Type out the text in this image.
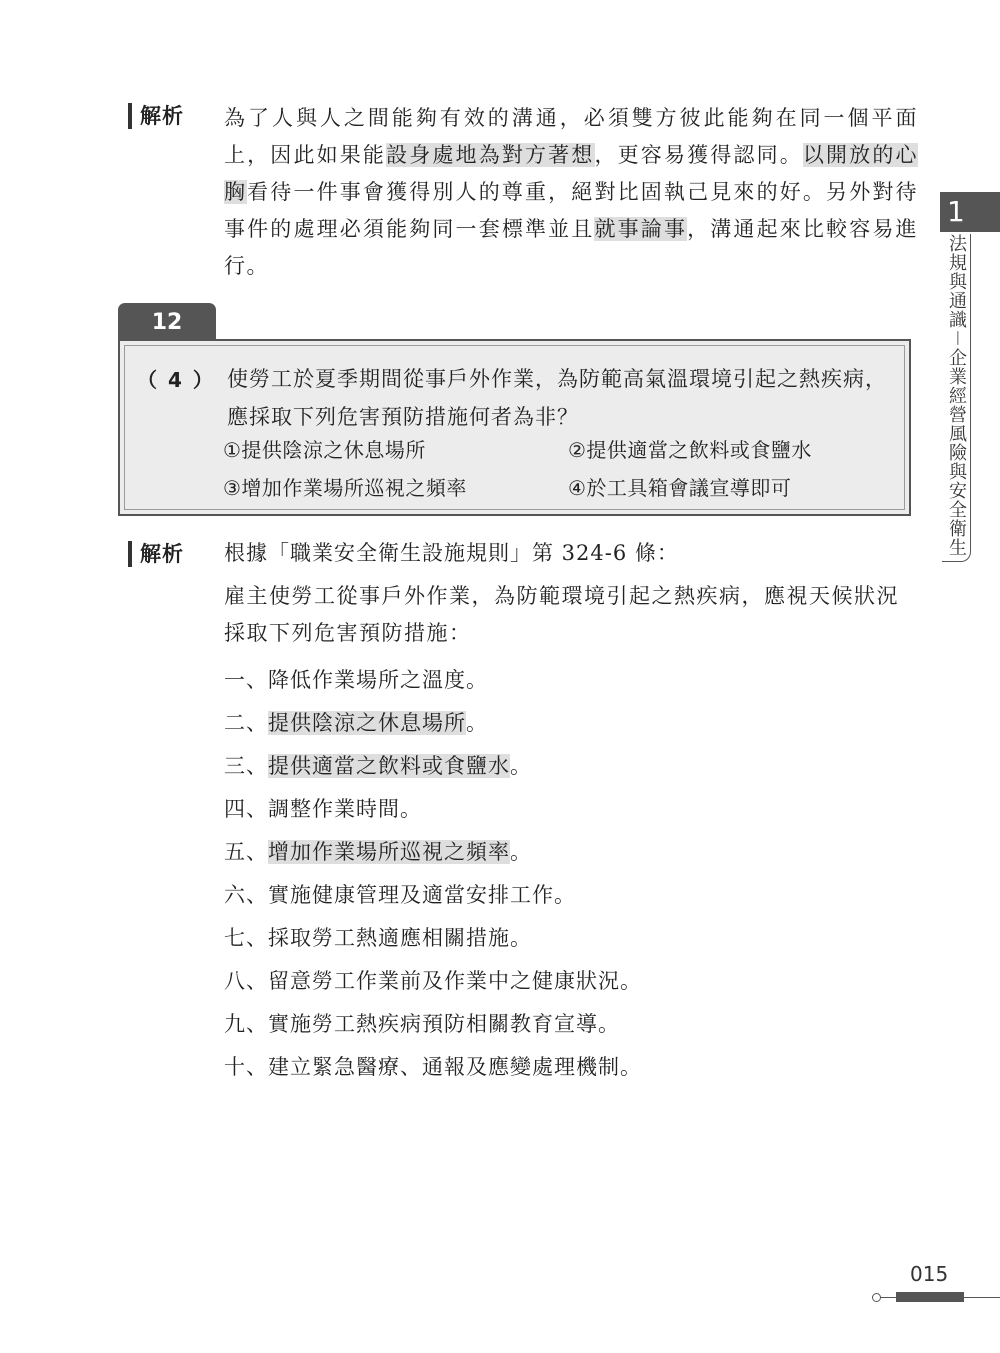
解析 為了人與人之間能夠有效的溝通，必須雙方彼此能夠在同一個平面上，因此如果能設身處地為對方著想，更容易獲得認同。以開放的心胸看待一件事會獲得別人的尊重，絕對比固執己見來的好。另外對待事件的處理必須能夠同一套標準並且就事論事，溝通起來比較容易進行。
12
（ 4 ） 使勞工於夏季期間從事戶外作業，為防範高氣溫環境引起之熱疾病，應採取下列危害預防措施何者為非？
①提供陰涼之休息場所	②提供適當之飲料或食鹽水
③增加作業場所巡視之頻率	④於工具箱會議宣導即可
解析 根據「職業安全衛生設施規則」第 324-6 條：
雇主使勞工從事戶外作業，為防範環境引起之熱疾病，應視天候狀況採取下列危害預防措施：
一、降低作業場所之溫度。
二、提供陰涼之休息場所。
三、提供適當之飲料或食鹽水。
四、調整作業時間。
五、增加作業場所巡視之頻率。
六、實施健康管理及適當安排工作。
七、採取勞工熱適應相關措施。
八、留意勞工作業前及作業中之健康狀況。
九、實施勞工熱疾病預防相關教育宣導。
十、建立緊急醫療、通報及應變處理機制。
1
法規與通識－企業經營風險與安全衛生
015
